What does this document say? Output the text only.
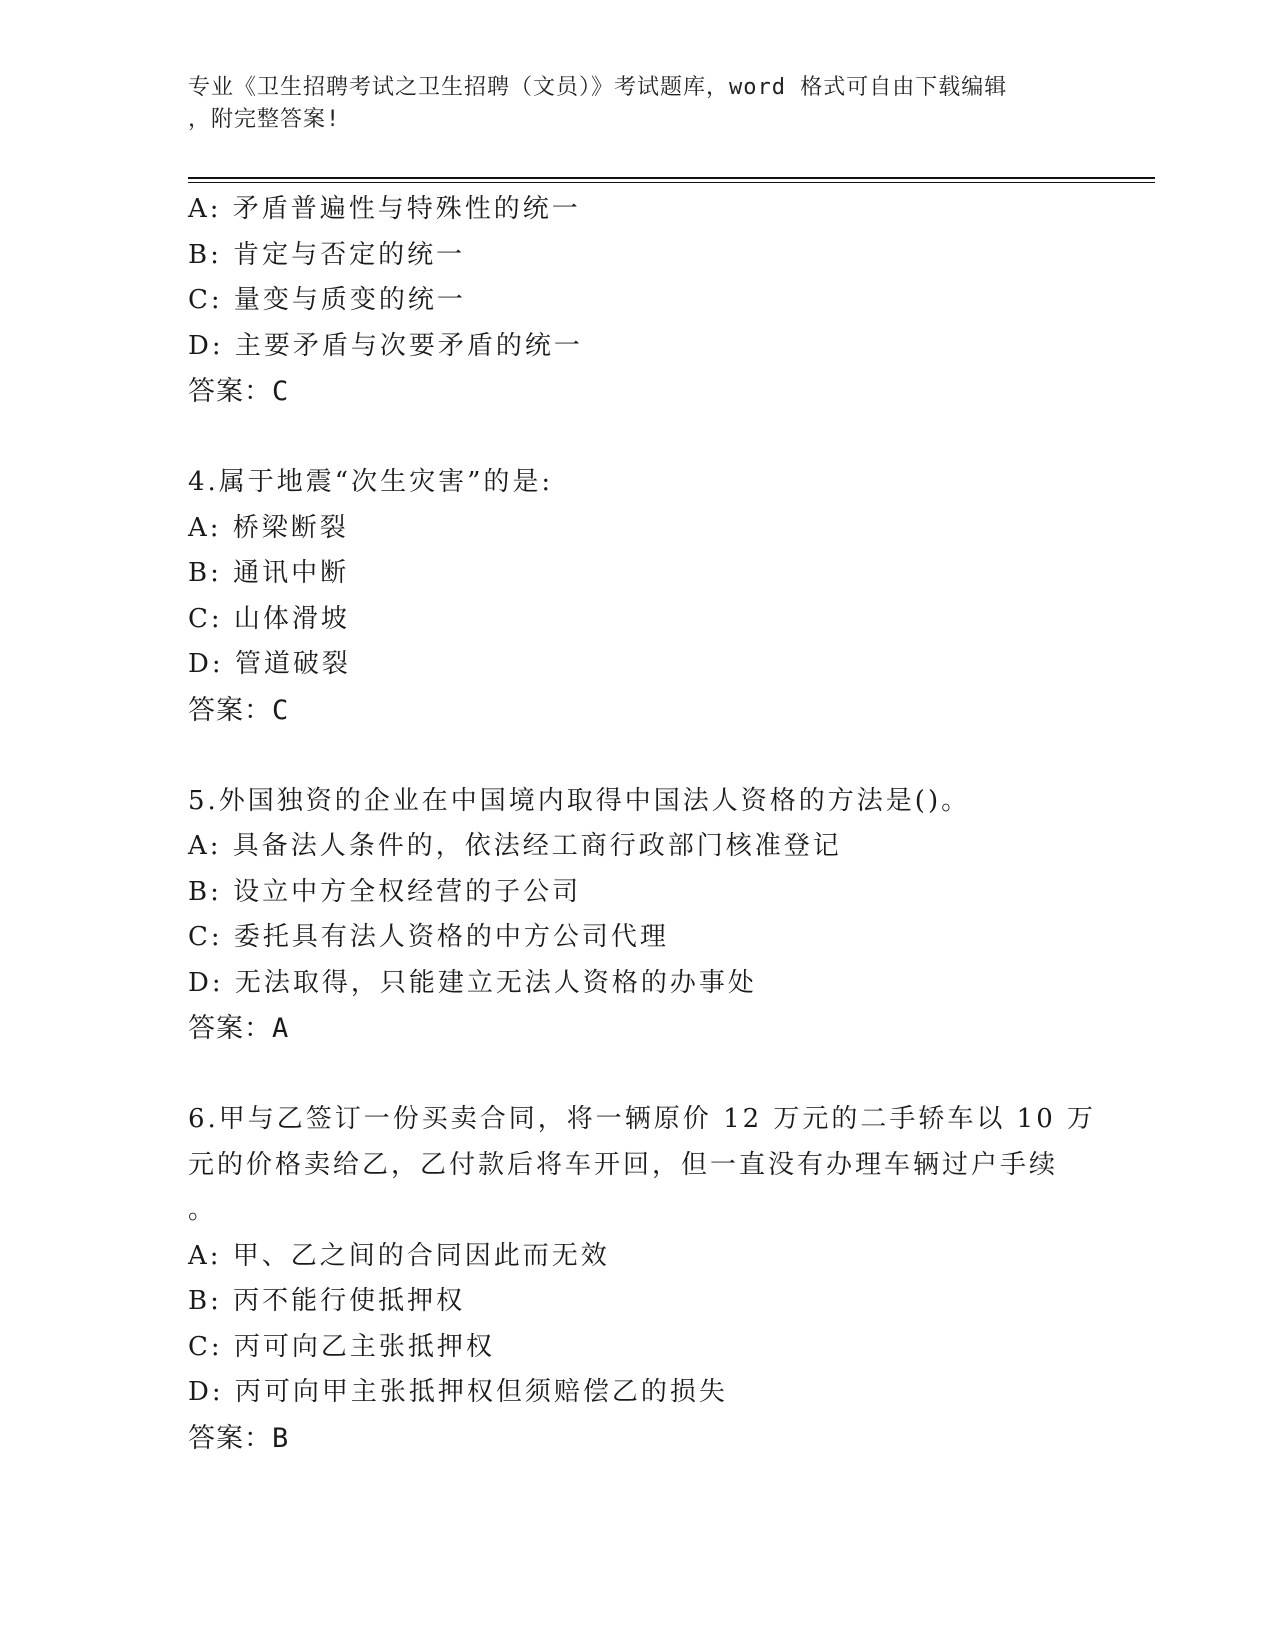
专业《卫生招聘考试之卫生招聘（文员）》考试题库，word 格式可自由下载编辑
，附完整答案!
A: 矛盾普遍性与特殊性的统一
B: 肯定与否定的统一
C: 量变与质变的统一
D: 主要矛盾与次要矛盾的统一
答案：C
4.属于地震“次生灾害”的是:
A: 桥梁断裂
B: 通讯中断
C: 山体滑坡
D: 管道破裂
答案：C
5.外国独资的企业在中国境内取得中国法人资格的方法是()。
A: 具备法人条件的，依法经工商行政部门核准登记
B: 设立中方全权经营的子公司
C: 委托具有法人资格的中方公司代理
D: 无法取得，只能建立无法人资格的办事处
答案：A
6.甲与乙签订一份买卖合同，将一辆原价 12 万元的二手轿车以 10 万
元的价格卖给乙，乙付款后将车开回，但一直没有办理车辆过户手续
。
A: 甲、乙之间的合同因此而无效
B: 丙不能行使抵押权
C: 丙可向乙主张抵押权
D: 丙可向甲主张抵押权但须赔偿乙的损失
答案：B
